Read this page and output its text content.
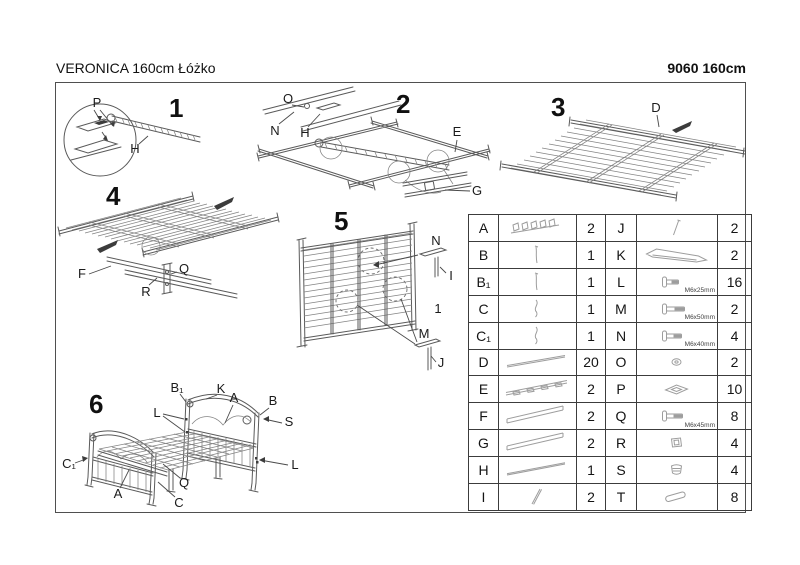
VERONICA 160cm Łóżko	9060 160cm
1
P
H
2
O
N H	E
G
3	D
4
F	Q
R
5
N
I
1
M
J
6
B₁	K
A B
S
L
L
C₁
A
Q
C
A		2	J		2
B		1	K		2
B₁		1	L	M6x25mm	16
C		1	M	M6x50mm	2
C₁		1	N	M6x40mm	4
D		20	O		2
E		2	P		10
F		2	Q	M6x45mm	8
G		2	R		4
H		1	S		4
I		2	T		8
